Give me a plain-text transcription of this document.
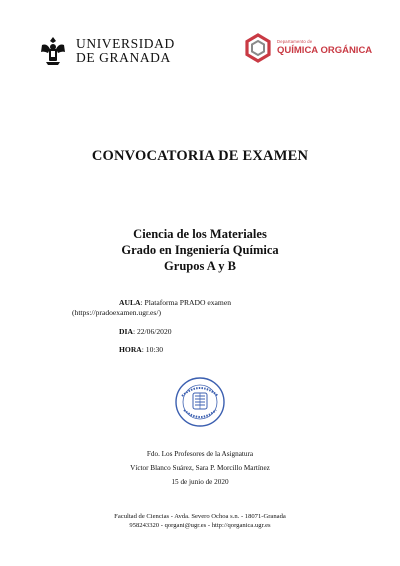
UNIVERSIDAD
DE GRANADA
Departamento de
QUÍMICA ORGÁNICA
CONVOCATORIA DE EXAMEN
Ciencia de los Materiales
Grado en Ingeniería Química
Grupos A y B
AULA: Plataforma PRADO examen
(https://pradoexamen.ugr.es/)
DIA: 22/06/2020
HORA: 10:30
Fdo. Los Profesores de la Asignatura
Víctor Blanco Suárez, Sara P. Morcillo Martínez
15 de junio de 2020
Facultad de Ciencias - Avda. Severo Ochoa s.n. - 18071-Granada
958243320 - qorgani@ugr.es - http://qorganica.ugr.es
